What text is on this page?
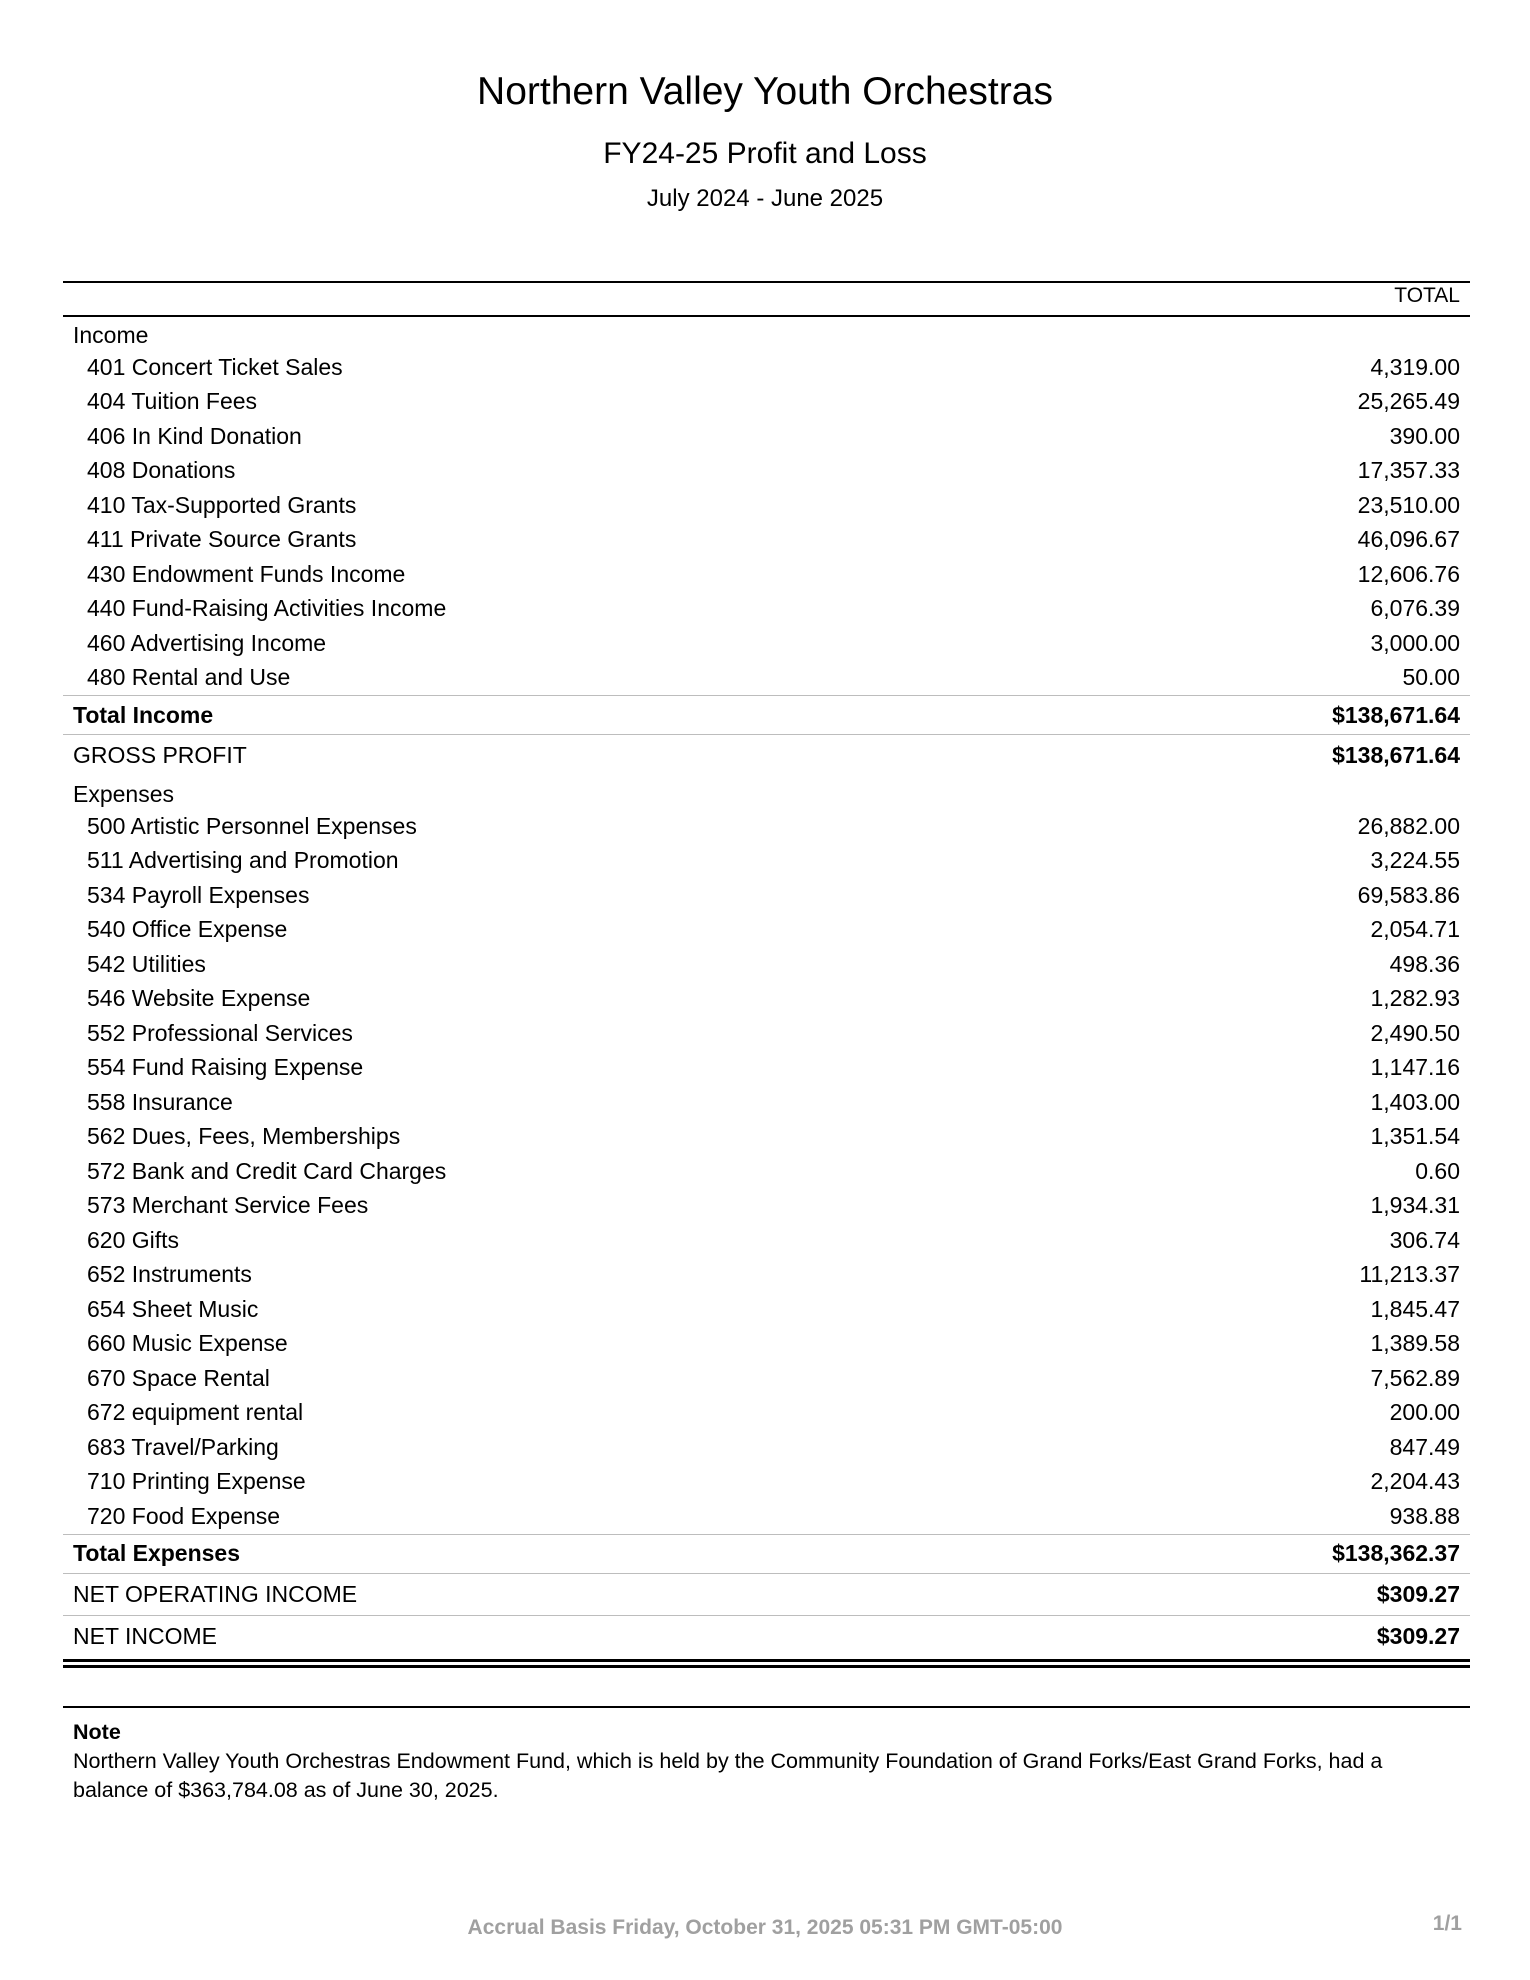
Northern Valley Youth Orchestras
FY24-25 Profit and Loss
July 2024 - June 2025
TOTAL
Income
401 Concert Ticket Sales	4,319.00
404 Tuition Fees	25,265.49
406 In Kind Donation	390.00
408 Donations	17,357.33
410 Tax-Supported Grants	23,510.00
411 Private Source Grants	46,096.67
430 Endowment Funds Income	12,606.76
440 Fund-Raising Activities Income	6,076.39
460 Advertising Income	3,000.00
480 Rental and Use	50.00
Total Income	$138,671.64
GROSS PROFIT	$138,671.64
Expenses
500 Artistic Personnel Expenses	26,882.00
511 Advertising and Promotion	3,224.55
534 Payroll Expenses	69,583.86
540 Office Expense	2,054.71
542 Utilities	498.36
546 Website Expense	1,282.93
552 Professional Services	2,490.50
554 Fund Raising Expense	1,147.16
558 Insurance	1,403.00
562 Dues, Fees, Memberships	1,351.54
572 Bank and Credit Card Charges	0.60
573 Merchant Service Fees	1,934.31
620 Gifts	306.74
652 Instruments	11,213.37
654 Sheet Music	1,845.47
660 Music Expense	1,389.58
670 Space Rental	7,562.89
672 equipment rental	200.00
683 Travel/Parking	847.49
710 Printing Expense	2,204.43
720 Food Expense	938.88
Total Expenses	$138,362.37
NET OPERATING INCOME	$309.27
NET INCOME	$309.27
Note
Northern Valley Youth Orchestras Endowment Fund, which is held by the Community Foundation of Grand Forks/East Grand Forks, had a balance of $363,784.08 as of June 30, 2025.
Accrual Basis Friday, October 31, 2025 05:31 PM GMT-05:00	1/1
